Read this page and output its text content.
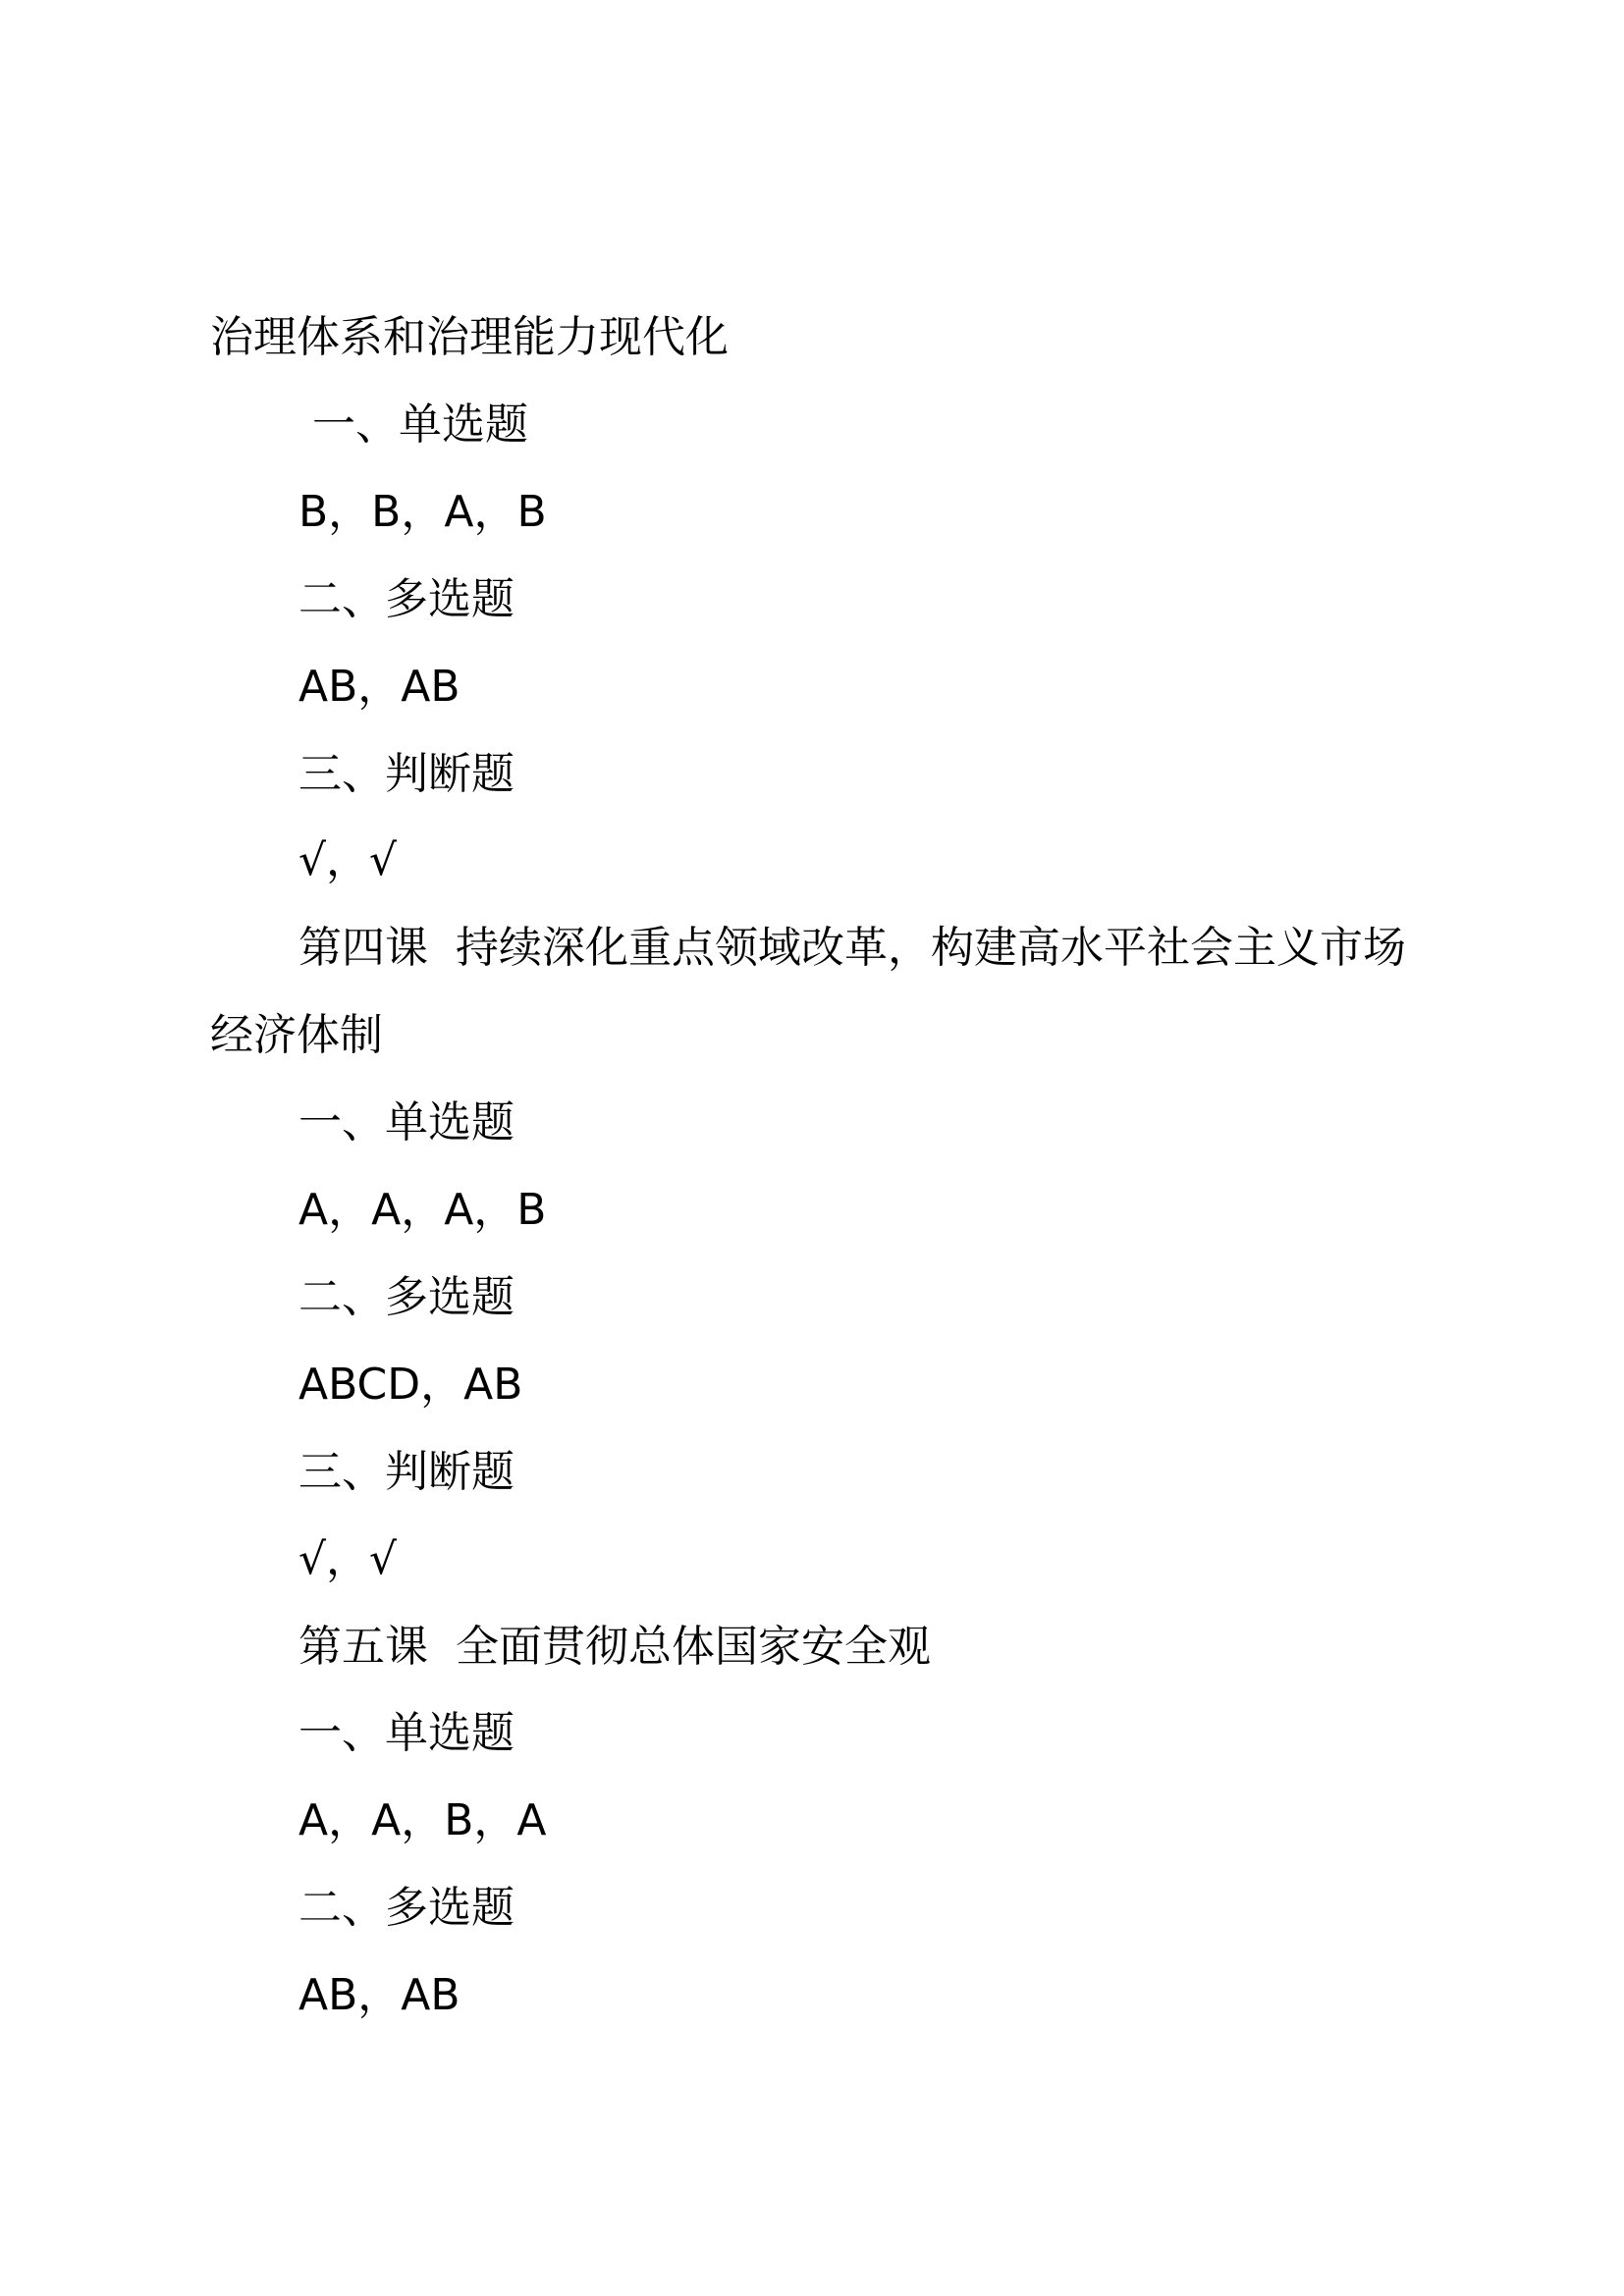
治理体系和治理能力现代化
一、单选题
B，B，A，B
二、多选题
AB，AB
三、判断题
√，√
第四课  持续深化重点领域改革，构建高水平社会主义市场
经济体制
一、单选题
A，A，A，B
二、多选题
ABCD，AB
三、判断题
√，√
第五课  全面贯彻总体国家安全观
一、单选题
A，A，B，A
二、多选题
AB，AB
